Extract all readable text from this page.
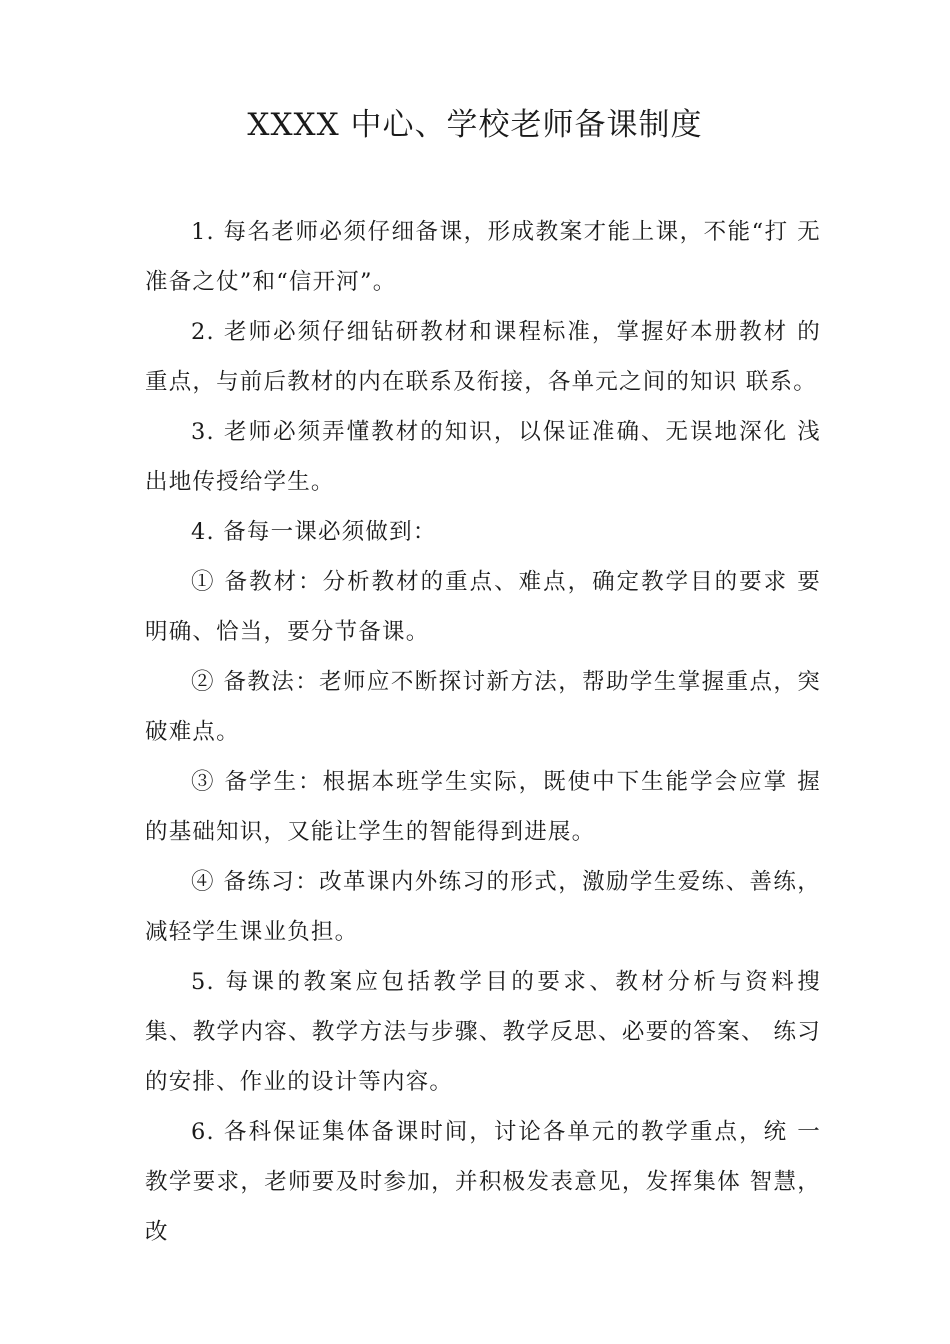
XXXX 中心、学校老师备课制度

1. 每名老师必须仔细备课，形成教案才能上课，不能“打 无准备之仗”和“信开河”。

2. 老师必须仔细钻研教材和课程标准，掌握好本册教材 的重点，与前后教材的内在联系及衔接，各单元之间的知识 联系。

3. 老师必须弄懂教材的知识，以保证准确、无误地深化 浅出地传授给学生。

4. 备每一课必须做到：

① 备教材：分析教材的重点、难点，确定教学目的要求 要明确、恰当，要分节备课。

② 备教法：老师应不断探讨新方法，帮助学生掌握重点，突破难点。

③ 备学生：根据本班学生实际，既使中下生能学会应掌 握的基础知识，又能让学生的智能得到进展。

④ 备练习：改革课内外练习的形式，激励学生爱练、善练，减轻学生课业负担。

5. 每课的教案应包括教学目的要求、教材分析与资料搜 集、教学内容、教学方法与步骤、教学反思、必要的答案、 练习的安排、作业的设计等内容。

6. 各科保证集体备课时间，讨论各单元的教学重点，统 一教学要求，老师要及时参加，并积极发表意见，发挥集体 智慧，改
